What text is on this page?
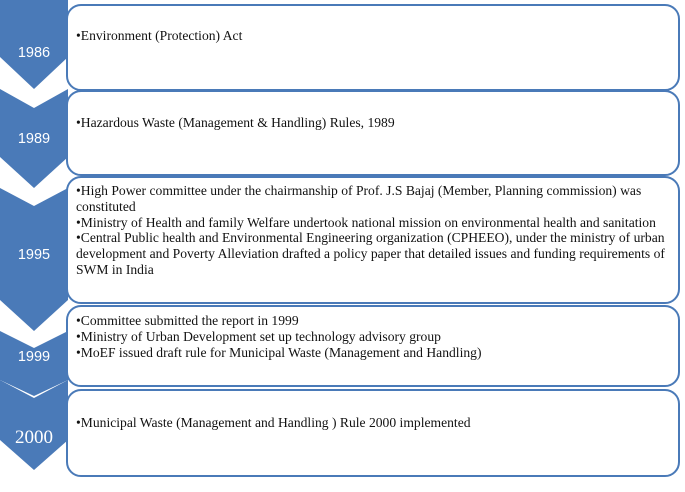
1986
1989
1995
1999
2000
• Environment (Protection) Act
• Hazardous Waste (Management & Handling) Rules, 1989
• High Power committee under the chairmanship of Prof. J.S Bajaj (Member, Planning commission) was constituted
• Ministry of Health and family Welfare undertook national mission on environmental health and sanitation
• Central Public health and Environmental Engineering organization (CPHEEO), under the ministry of urban development and Poverty Alleviation drafted a policy paper that detailed issues and funding requirements of SWM in India
• Committee submitted the report in 1999
• Ministry of Urban Development set up technology advisory group
• MoEF issued draft rule for Municipal Waste (Management and Handling)
• Municipal Waste (Management and Handling ) Rule 2000 implemented
